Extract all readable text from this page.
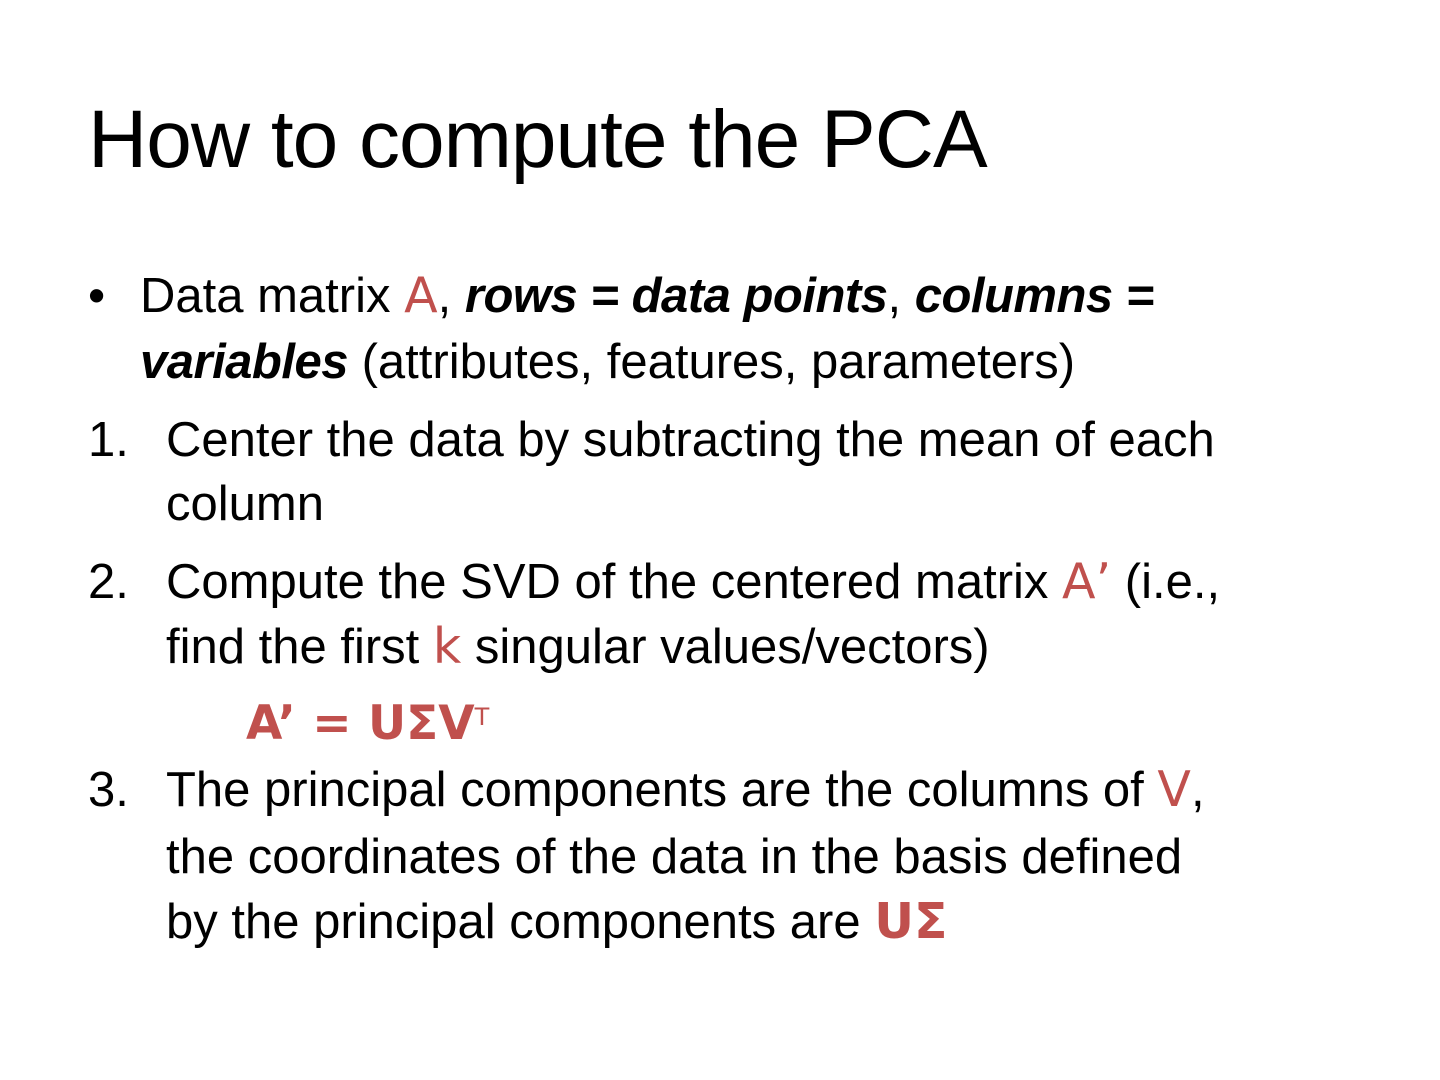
How to compute the PCA
• Data matrix A, rows = data points, columns =
variables (attributes, features, parameters)
1. Center the data by subtracting the mean of each
column
2. Compute the SVD of the centered matrix A’ (i.e.,
find the first k singular values/vectors)
A’ = $U\Sigma V^T$
3. The principal components are the columns of V,
the coordinates of the data in the basis defined
by the principal components are UΣ
